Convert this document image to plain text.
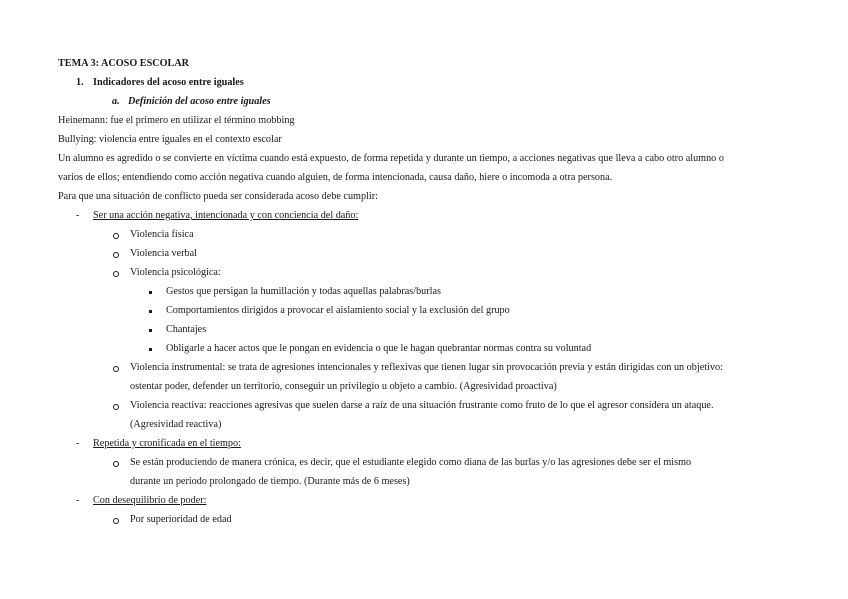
TEMA 3: ACOSO ESCOLAR
1. Indicadores del acoso entre iguales
a. Definición del acoso entre iguales
Heinemann: fue el primero en utilizar el término mobbing
Bullying: violencia entre iguales en el contexto escolar
Un alumno es agredido o se convierte en víctima cuando está expuesto, de forma repetida y durante un tiempo, a acciones negativas que lleva a cabo otro alumno o
varios de ellos; entendiendo como acción negativa cuando alguien, de forma intencionada, causa daño, hiere o incomoda a otra persona.
Para que una situación de conflicto pueda ser considerada acoso debe cumplir:
- Ser una acción negativa, intencionada y con conciencia del daño:
Violencia física
Violencia verbal
Violencia psicológica:
Gestos que persigan la humillación y todas aquellas palabras/burlas
Comportamientos dirigidos a provocar el aislamiento social y la exclusión del grupo
Chantajes
Obligarle a hacer actos que le pongan en evidencia o que le hagan quebrantar normas contra su voluntad
Violencia instrumental: se trata de agresiones intencionales y reflexivas que tienen lugar sin provocación previa y están dirigidas con un objetivo:
ostentar poder, defender un territorio, conseguir un privilegio u objeto a cambio. (Agresividad proactiva)
Violencia reactiva: reacciones agresivas que suelen darse a raíz de una situación frustrante como fruto de lo que el agresor considera un ataque.
(Agresividad reactiva)
- Repetida y cronificada en el tiempo:
Se están produciendo de manera crónica, es decir, que el estudiante elegido como diana de las burlas y/o las agresiones debe ser el mismo
durante un periodo prolongado de tiempo. (Durante más de 6 meses)
- Con desequilibrio de poder:
Por superioridad de edad
